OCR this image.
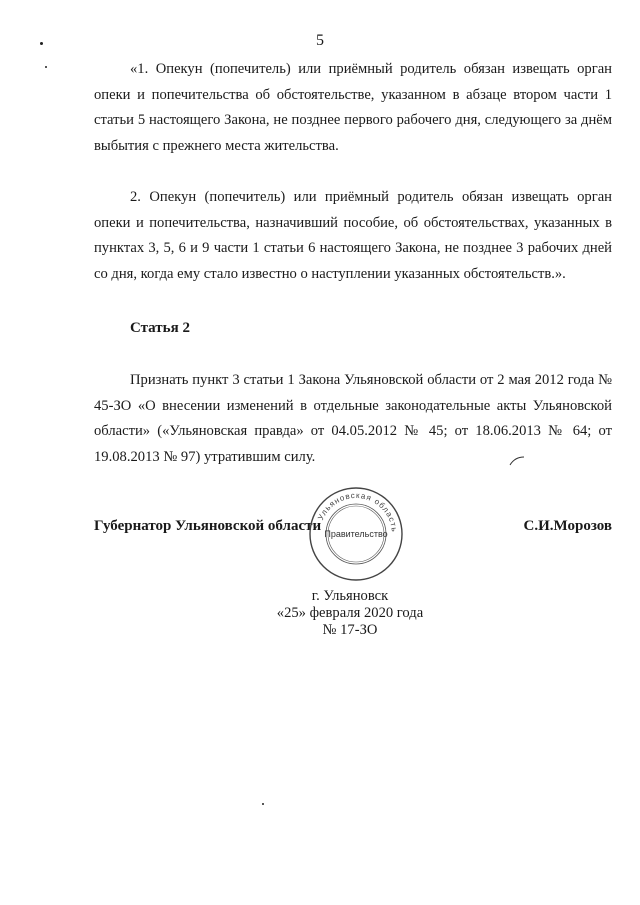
5

«1. Опекун (попечитель) или приёмный родитель обязан извещать орган опеки и попечительства об обстоятельстве, указанном в абзаце втором части 1 статьи 5 настоящего Закона, не позднее первого рабочего дня, следующего за днём выбытия с прежнего места жительства.

2. Опекун (попечитель) или приёмный родитель обязан извещать орган опеки и попечительства, назначивший пособие, об обстоятельствах, указанных в пунктах 3, 5, 6 и 9 части 1 статьи 6 настоящего Закона, не позднее 3 рабочих дней со дня, когда ему стало известно о наступлении указанных обстоятельств.».

Статья 2

Признать пункт 3 статьи 1 Закона Ульяновской области от 2 мая 2012 года № 45-ЗО «О внесении изменений в отдельные законодательные акты Ульяновской области» («Ульяновская правда» от 04.05.2012 № 45; от 18.06.2013 № 64; от 19.08.2013 № 97) утратившим силу.

Губернатор Ульяновской области
Ульяновская область
Правительство	С.И.Морозов
г. Ульяновск
«25» февраля 2020 года
№ 17-ЗО
